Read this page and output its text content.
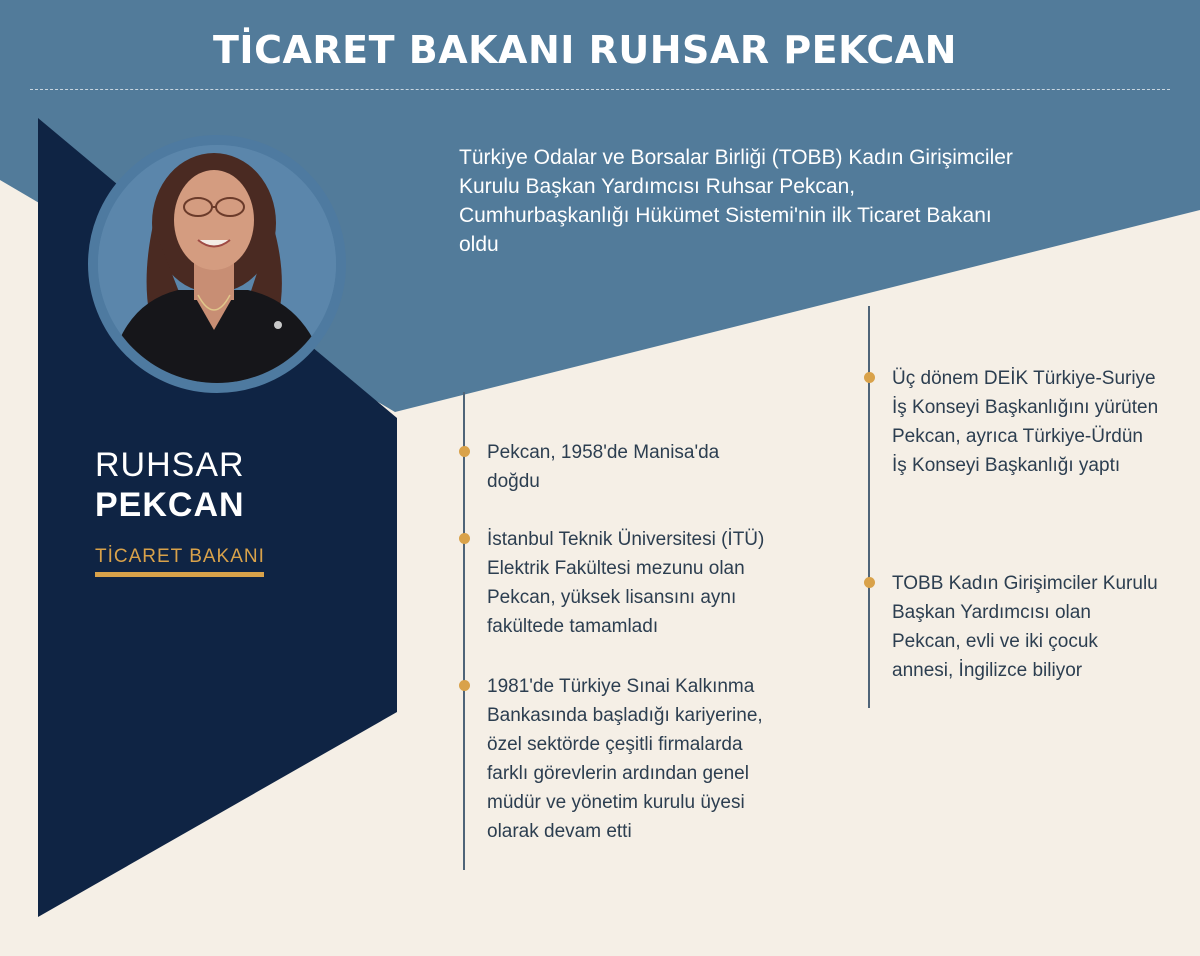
TİCARET BAKANI RUHSAR PEKCAN
RUHSAR
PEKCAN
TİCARET BAKANI
Türkiye Odalar ve Borsalar Birliği (TOBB) Kadın Girişimciler Kurulu Başkan Yardımcısı Ruhsar Pekcan, Cumhurbaşkanlığı Hükümet Sistemi'nin ilk Ticaret Bakanı oldu
Pekcan, 1958'de Manisa'da doğdu
İstanbul Teknik Üniversitesi (İTÜ) Elektrik Fakültesi mezunu olan Pekcan, yüksek lisansını aynı fakültede tamamladı
1981'de Türkiye Sınai Kalkınma Bankasında başladığı kariyerine, özel sektörde çeşitli firmalarda farklı görevlerin ardından genel müdür ve yönetim kurulu üyesi olarak devam etti
Üç dönem DEİK Türkiye-Suriye İş Konseyi Başkanlığını yürüten Pekcan, ayrıca Türkiye-Ürdün İş Konseyi Başkanlığı yaptı
TOBB Kadın Girişimciler Kurulu Başkan Yardımcısı olan Pekcan, evli ve iki çocuk annesi, İngilizce biliyor
